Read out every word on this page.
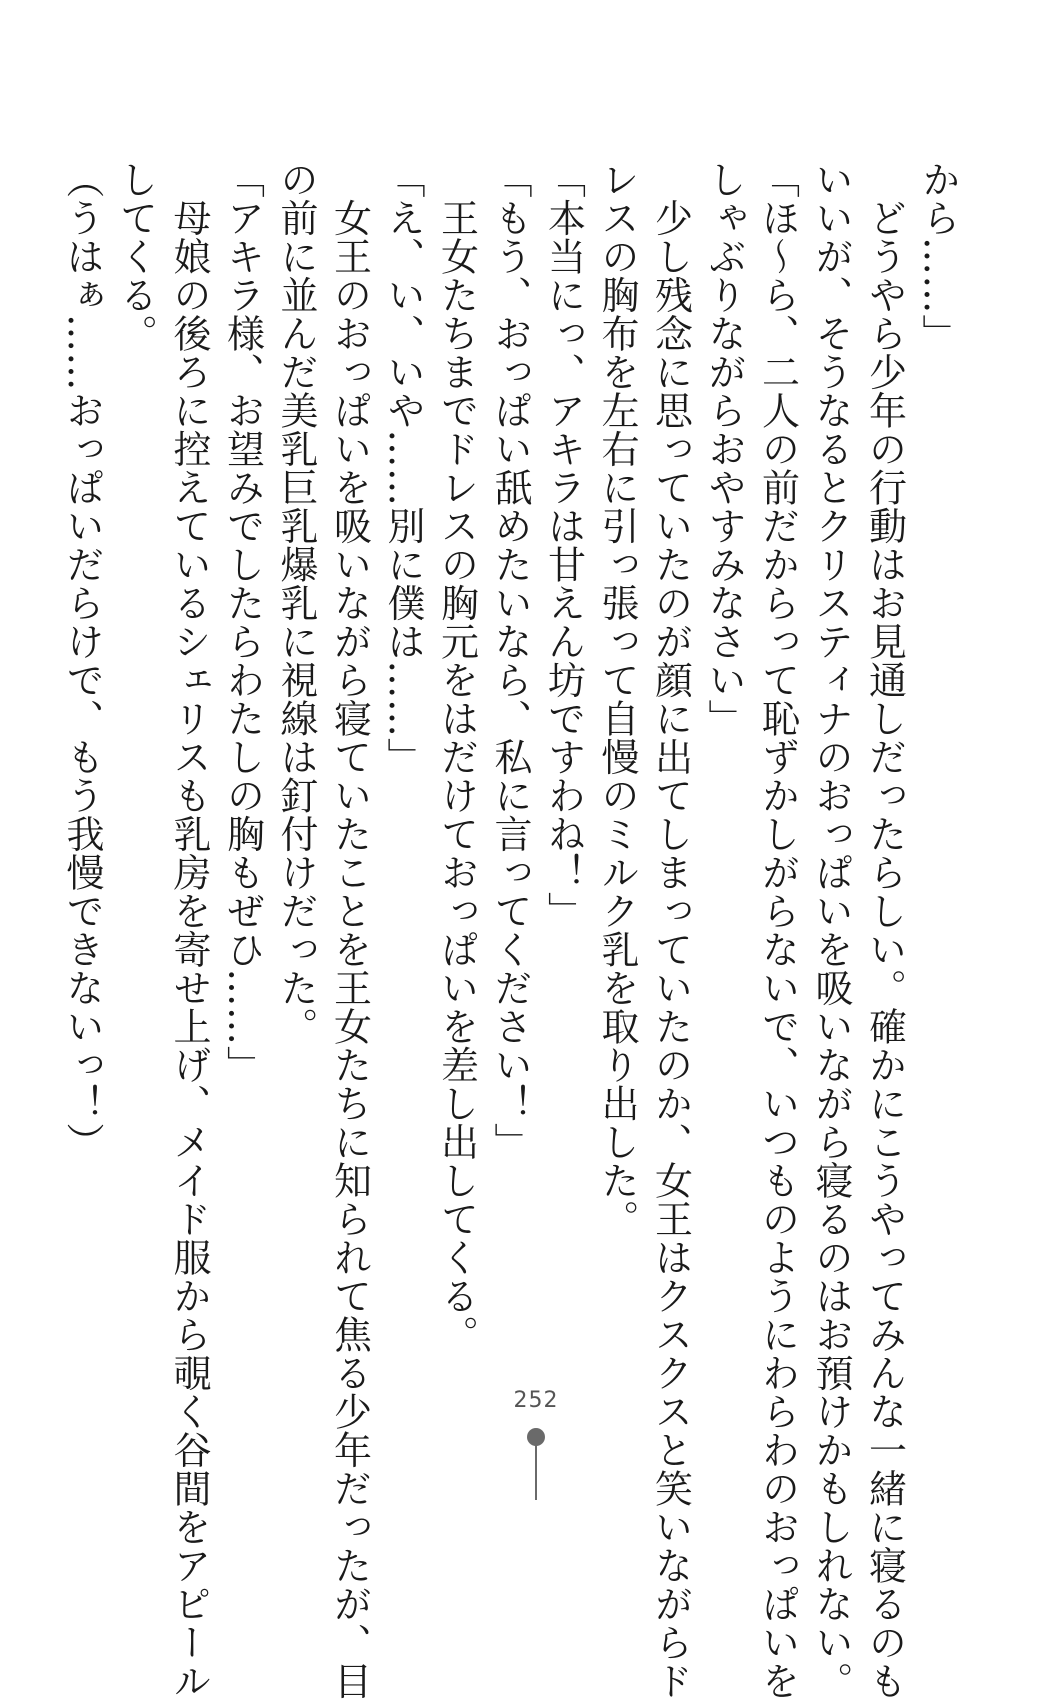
から……」
　どうやら少年の行動はお見通しだったらしい。確かにこうやってみんな一緒に寝るのも
いいが、そうなるとクリスティナのおっぱいを吸いながら寝るのはお預けかもしれない。
「ほ〜ら、二人の前だからって恥ずかしがらないで、いつものようにわらわのおっぱいを
しゃぶりながらおやすみなさい」
　少し残念に思っていたのが顔に出てしまっていたのか、女王はクスクスと笑いながらド
レスの胸布を左右に引っ張って自慢のミルク乳を取り出した。
「本当にっ、アキラは甘えん坊ですわね！」
「もう、おっぱい舐めたいなら、私に言ってください！」
　王女たちまでドレスの胸元をはだけておっぱいを差し出してくる。
「え、い、いや……別に僕は……」
　女王のおっぱいを吸いながら寝ていたことを王女たちに知られて焦る少年だったが、目
の前に並んだ美乳巨乳爆乳に視線は釘付けだった。
「アキラ様、お望みでしたらわたしの胸もぜひ……」
　母娘の後ろに控えているシェリスも乳房を寄せ上げ、メイド服から覗く谷間をアピール
してくる。
（うはぁ……おっぱいだらけで、もう我慢できないっ！）
252
